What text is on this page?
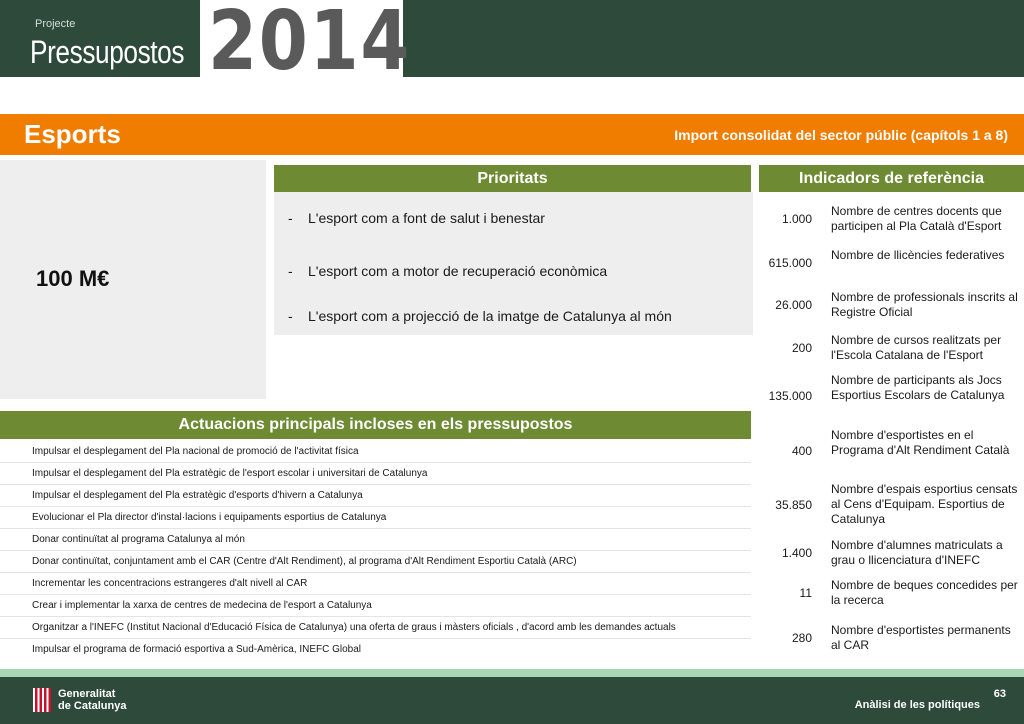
Projecte
Pressupostos 2014
Esports	Import consolidat del sector públic (capítols 1 a 8)
100 M€
Prioritats
- L'esport com a font de salut i benestar
- L'esport com a motor de recuperació econòmica
- L'esport com a projecció de la imatge de Catalunya al món
Indicadors de referència
1.000
Nombre de centres docents que participen al Pla Català d'Esport
615.000
Nombre de llicències federatives
26.000
Nombre de professionals inscrits al Registre Oficial
200
Nombre de cursos realitzats per l'Escola Catalana de l'Esport
135.000
Nombre de participants als Jocs Esportius Escolars de Catalunya
400
Nombre d'esportistes en el Programa d'Alt Rendiment Català
35.850
Nombre d'espais esportius censats al Cens d'Equipam. Esportius de Catalunya
1.400
Nombre d'alumnes matriculats a grau o llicenciatura d'INEFC
11
Nombre de beques concedides per la recerca
280
Nombre d'esportistes permanents al CAR
Actuacions principals incloses en els pressupostos
Impulsar el desplegament del Pla nacional de promoció de l'activitat física
Impulsar el desplegament del Pla estratègic de l'esport escolar i universitari de Catalunya
Impulsar el desplegament del Pla estratègic d'esports d'hivern a Catalunya
Evolucionar el Pla director d'instal·lacions i equipaments esportius de Catalunya
Donar continuïtat al programa Catalunya al món
Donar continuïtat, conjuntament amb el CAR (Centre d'Alt Rendiment), al programa d'Alt Rendiment Esportiu Català (ARC)
Incrementar les concentracions estrangeres d'alt nivell al CAR
Crear i implementar la xarxa de centres de medecina de l'esport a Catalunya
Organitzar a l'INEFC (Institut Nacional d'Educació Física de Catalunya) una oferta de graus i màsters oficials , d'acord amb les demandes actuals
Impulsar el programa de formació esportiva a Sud-Amèrica, INEFC Global
Generalitat
de Catalunya
63
Anàlisi de les polítiques
